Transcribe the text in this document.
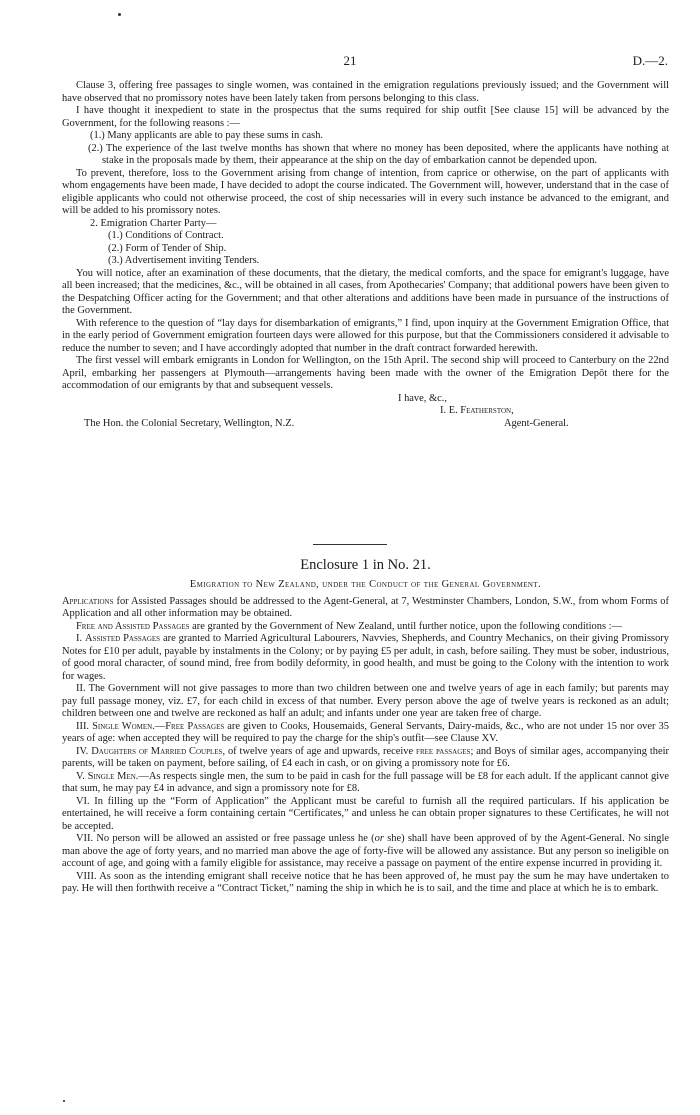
21	D.—2.

Clause 3, offering free passages to single women, was contained in the emigration regulations previously issued; and the Government will have observed that no promissory notes have been lately taken from persons belonging to this class.

I have thought it inexpedient to state in the prospectus that the sums required for ship outfit [See clause 15] will be advanced by the Government, for the following reasons :—

(1.) Many applicants are able to pay these sums in cash.

(2.) The experience of the last twelve months has shown that where no money has been deposited, where the applicants have nothing at stake in the proposals made by them, their appearance at the ship on the day of embarkation cannot be depended upon.

To prevent, therefore, loss to the Government arising from change of intention, from caprice or otherwise, on the part of applicants with whom engagements have been made, I have decided to adopt the course indicated. The Government will, however, understand that in the case of eligible applicants who could not otherwise proceed, the cost of ship necessaries will in every such instance be advanced to the emigrant, and will be added to his promissory notes.

2. Emigration Charter Party—

(1.) Conditions of Contract.

(2.) Form of Tender of Ship.

(3.) Advertisement inviting Tenders.

You will notice, after an examination of these documents, that the dietary, the medical comforts, and the space for emigrant's luggage, have all been increased; that the medicines, &c., will be obtained in all cases, from Apothecaries' Company; that additional powers have been given to the Despatching Officer acting for the Government; and that other alterations and additions have been made in pursuance of the instructions of the Government.

With reference to the question of “lay days for disembarkation of emigrants,” I find, upon inquiry at the Government Emigration Office, that in the early period of Government emigration fourteen days were allowed for this purpose, but that the Commissioners considered it advisable to reduce the number to seven; and I have accordingly adopted that number in the draft contract forwarded herewith.

The first vessel will embark emigrants in London for Wellington, on the 15th April. The second ship will proceed to Canterbury on the 22nd April, embarking her passengers at Plymouth—arrangements having been made with the owner of the Emigration Depôt there for the accommodation of our emigrants by that and subsequent vessels.

I have, &c.,
I. E. Featherston,
The Hon. the Colonial Secretary, Wellington, N.Z.	Agent-General.
Enclosure 1 in No. 21.
Emigration to New Zealand, under the Conduct of the General Government.

Applications for Assisted Passages should be addressed to the Agent-General, at 7, Westminster Chambers, London, S.W., from whom Forms of Application and all other information may be obtained.

Free and Assisted Passages are granted by the Government of New Zealand, until further notice, upon the following conditions :—

I. Assisted Passages are granted to Married Agricultural Labourers, Navvies, Shepherds, and Country Mechanics, on their giving Promissory Notes for £10 per adult, payable by instalments in the Colony; or by paying £5 per adult, in cash, before sailing. They must be sober, industrious, of good moral character, of sound mind, free from bodily deformity, in good health, and must be going to the Colony with the intention to work for wages.

II. The Government will not give passages to more than two children between one and twelve years of age in each family; but parents may pay full passage money, viz. £7, for each child in excess of that number. Every person above the age of twelve years is reckoned as an adult; children between one and twelve are reckoned as half an adult; and infants under one year are taken free of charge.

III. Single Women.—Free Passages are given to Cooks, Housemaids, General Servants, Dairy-maids, &c., who are not under 15 nor over 35 years of age: when accepted they will be required to pay the charge for the ship's outfit—see Clause XV.

IV. Daughters of Married Couples, of twelve years of age and upwards, receive free passages; and Boys of similar ages, accompanying their parents, will be taken on payment, before sailing, of £4 each in cash, or on giving a promissory note for £6.

V. Single Men.—As respects single men, the sum to be paid in cash for the full passage will be £8 for each adult. If the applicant cannot give that sum, he may pay £4 in advance, and sign a promissory note for £8.

VI. In filling up the “Form of Application” the Applicant must be careful to furnish all the required particulars. If his application be entertained, he will receive a form containing certain “Certificates,” and unless he can obtain proper signatures to these Certificates, he will not be accepted.

VII. No person will be allowed an assisted or free passage unless he (or she) shall have been approved of by the Agent-General. No single man above the age of forty years, and no married man above the age of forty-five will be allowed any assistance. But any person so ineligible on account of age, and going with a family eligible for assistance, may receive a passage on payment of the entire expense incurred in providing it.

VIII. As soon as the intending emigrant shall receive notice that he has been approved of, he must pay the sum he may have undertaken to pay. He will then forthwith receive a “Contract Ticket,” naming the ship in which he is to sail, and the time and place at which he is to embark.
